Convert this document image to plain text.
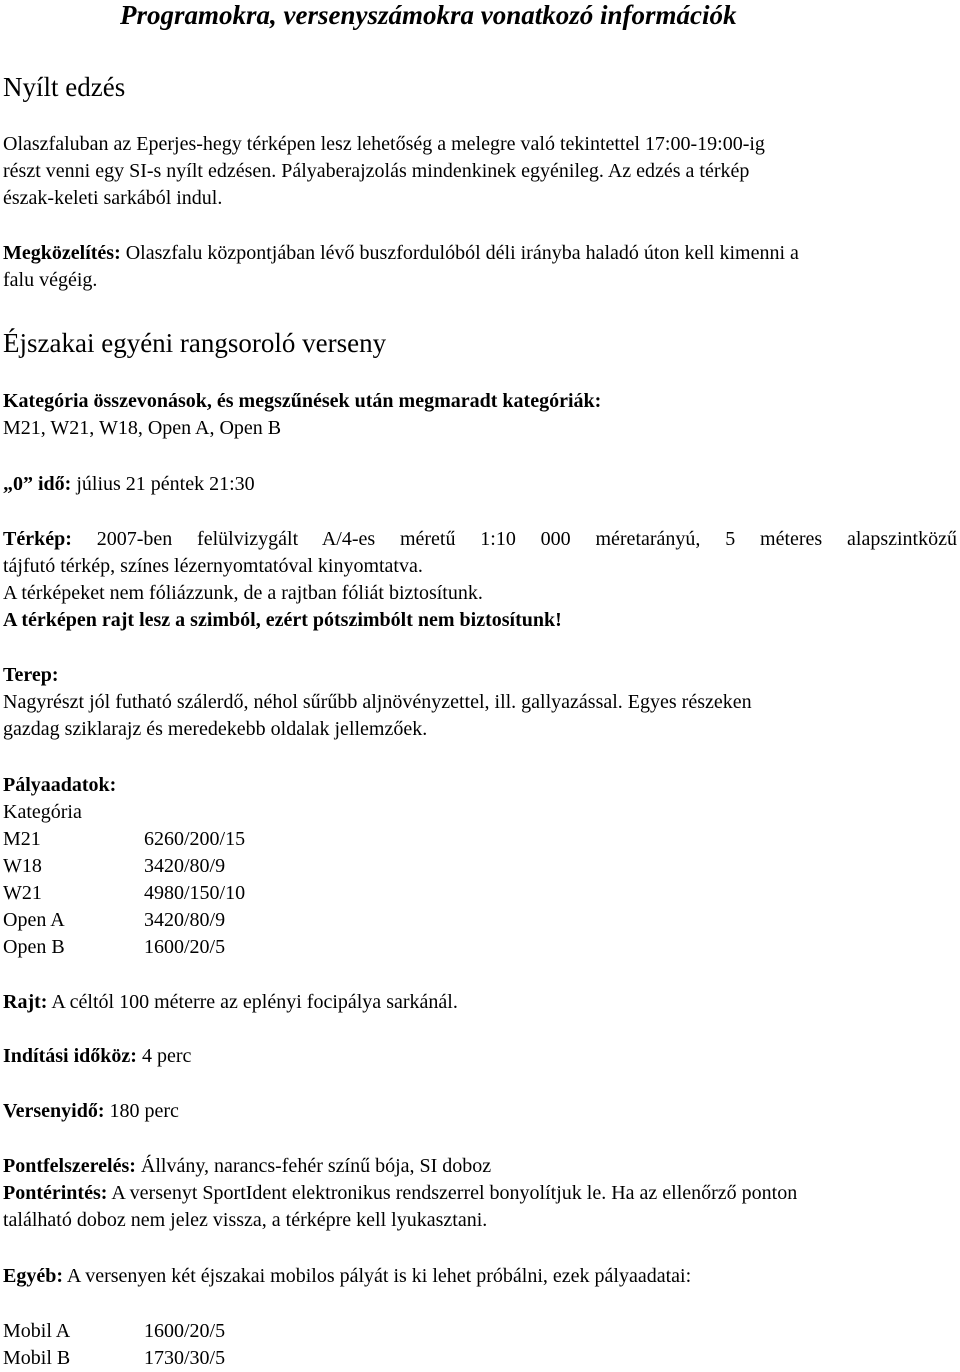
Programokra, versenyszámokra vonatkozó információk
Nyílt edzés
Olaszfaluban az Eperjes-hegy térképen lesz lehetőség a melegre való tekintettel 17:00-19:00-ig
részt venni egy SI-s nyílt edzésen. Pályaberajzolás mindenkinek egyénileg. Az edzés a térkép
észak-keleti sarkából indul.
Megközelítés: Olaszfalu központjában lévő buszfordulóból déli irányba haladó úton kell kimenni a
falu végéig.
Éjszakai egyéni rangsoroló verseny
Kategória összevonások, és megszűnések után megmaradt kategóriák:
M21, W21, W18, Open A, Open B
„0” idő: július 21 péntek 21:30
Térkép: 2007-ben felülvizygált A/4-es méretű 1:10 000 méretarányú, 5 méteres alapszintközű
tájfutó térkép, színes lézernyomtatóval kinyomtatva.
A térképeket nem fóliázzunk, de a rajtban fóliát biztosítunk.
A térképen rajt lesz a szimból, ezért pótszimbólt nem biztosítunk!
Terep:
Nagyrészt jól futható szálerdő, néhol sűrűbb aljnövényzettel, ill. gallyazással. Egyes részeken
gazdag sziklarajz és meredekebb oldalak jellemzőek.
Pályaadatok:
Kategória
M21	6260/200/15
W18	3420/80/9
W21	4980/150/10
Open A	3420/80/9
Open B	1600/20/5
Rajt: A céltól 100 méterre az eplényi focipálya sarkánál.
Indítási időköz: 4 perc
Versenyidő: 180 perc
Pontfelszerelés: Állvány, narancs-fehér színű bója, SI doboz
Pontérintés: A versenyt SportIdent elektronikus rendszerrel bonyolítjuk le. Ha az ellenőrző ponton
található doboz nem jelez vissza, a térképre kell lyukasztani.
Egyéb: A versenyen két éjszakai mobilos pályát is ki lehet próbálni, ezek pályaadatai:
Mobil A	1600/20/5
Mobil B	1730/30/5
